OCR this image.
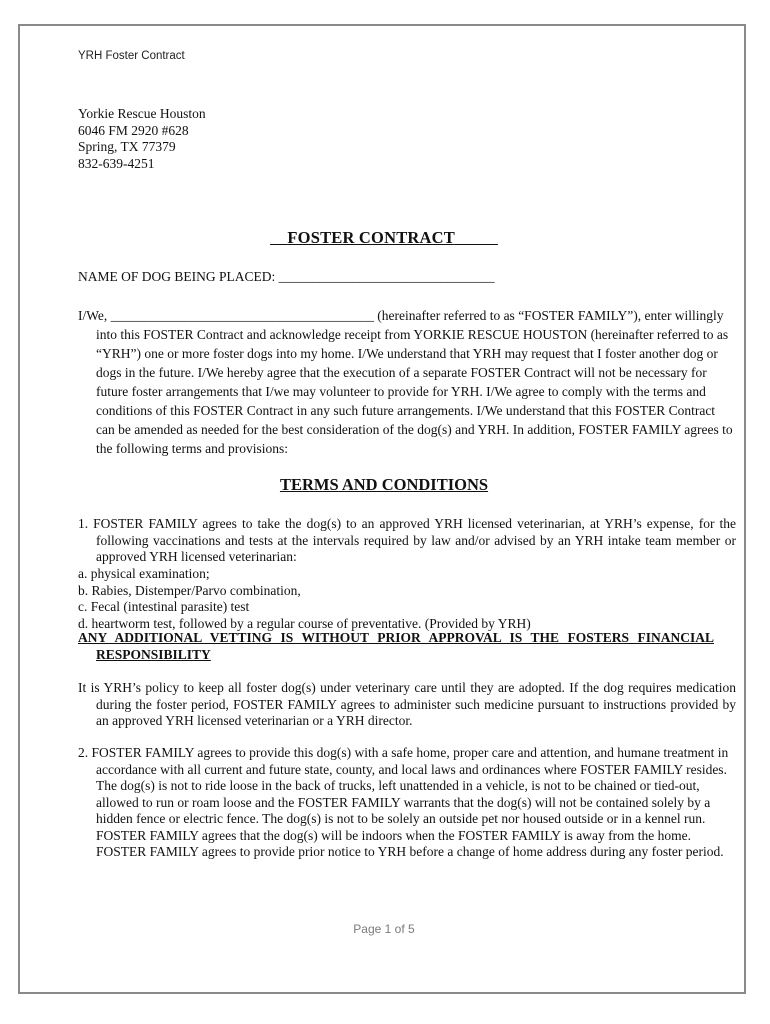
YRH Foster Contract
Yorkie Rescue Houston
6046 FM 2920 #628
Spring, TX 77379
832-639-4251
FOSTER CONTRACT
NAME OF DOG BEING PLACED: ________________________________
I/We, _______________________________________ (hereinafter referred to as “FOSTER FAMILY”), enter willingly into this FOSTER Contract and acknowledge receipt from YORKIE RESCUE HOUSTON (hereinafter referred to as “YRH”) one or more foster dogs into my home. I/We understand that YRH may request that I foster another dog or dogs in the future. I/We hereby agree that the execution of a separate FOSTER Contract will not be necessary for future foster arrangements that I/we may volunteer to provide for YRH. I/We agree to comply with the terms and conditions of this FOSTER Contract in any such future arrangements. I/We understand that this FOSTER Contract can be amended as needed for the best consideration of the dog(s) and YRH. In addition, FOSTER FAMILY agrees to the following terms and provisions:
TERMS AND CONDITIONS
1. FOSTER FAMILY agrees to take the dog(s) to an approved YRH licensed veterinarian, at YRH’s expense, for the following vaccinations and tests at the intervals required by law and/or advised by an YRH intake team member or approved YRH licensed veterinarian:
a. physical examination;
b. Rabies, Distemper/Parvo combination,
c. Fecal (intestinal parasite) test
d. heartworm test, followed by a regular course of preventative. (Provided by YRH)
ANY ADDITIONAL VETTING IS WITHOUT PRIOR APPROVAL IS THE FOSTERS FINANCIAL
RESPONSIBILITY
It is YRH’s policy to keep all foster dog(s) under veterinary care until they are adopted. If the dog requires medication during the foster period, FOSTER FAMILY agrees to administer such medicine pursuant to instructions provided by an approved YRH licensed veterinarian or a YRH director.
2. FOSTER FAMILY agrees to provide this dog(s) with a safe home, proper care and attention, and humane treatment in accordance with all current and future state, county, and local laws and ordinances where FOSTER FAMILY resides. The dog(s) is not to ride loose in the back of trucks, left unattended in a vehicle, is not to be chained or tied-out, allowed to run or roam loose and the FOSTER FAMILY warrants that the dog(s) will not be contained solely by a hidden fence or electric fence. The dog(s) is not to be solely an outside pet nor housed outside or in a kennel run. FOSTER FAMILY agrees that the dog(s) will be indoors when the FOSTER FAMILY is away from the home. FOSTER FAMILY agrees to provide prior notice to YRH before a change of home address during any foster period.
Page 1 of 5
